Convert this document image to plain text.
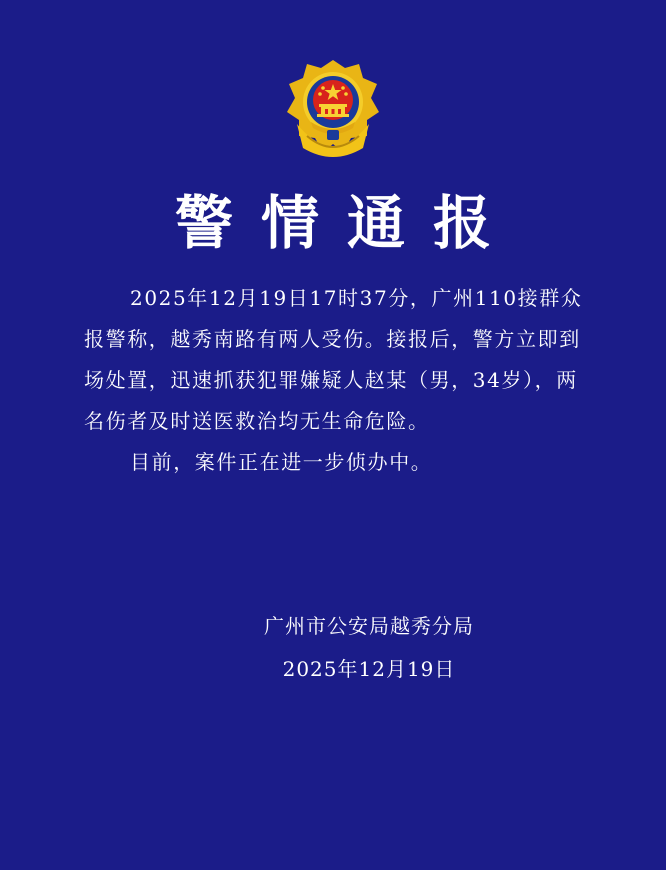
警情通报

2025年12月19日17时37分，广州110接群众报警称，越秀南路有两人受伤。接报后，警方立即到场处置，迅速抓获犯罪嫌疑人赵某（男，34岁），两名伤者及时送医救治均无生命危险。

目前，案件正在进一步侦办中。

广州市公安局越秀分局
2025年12月19日
